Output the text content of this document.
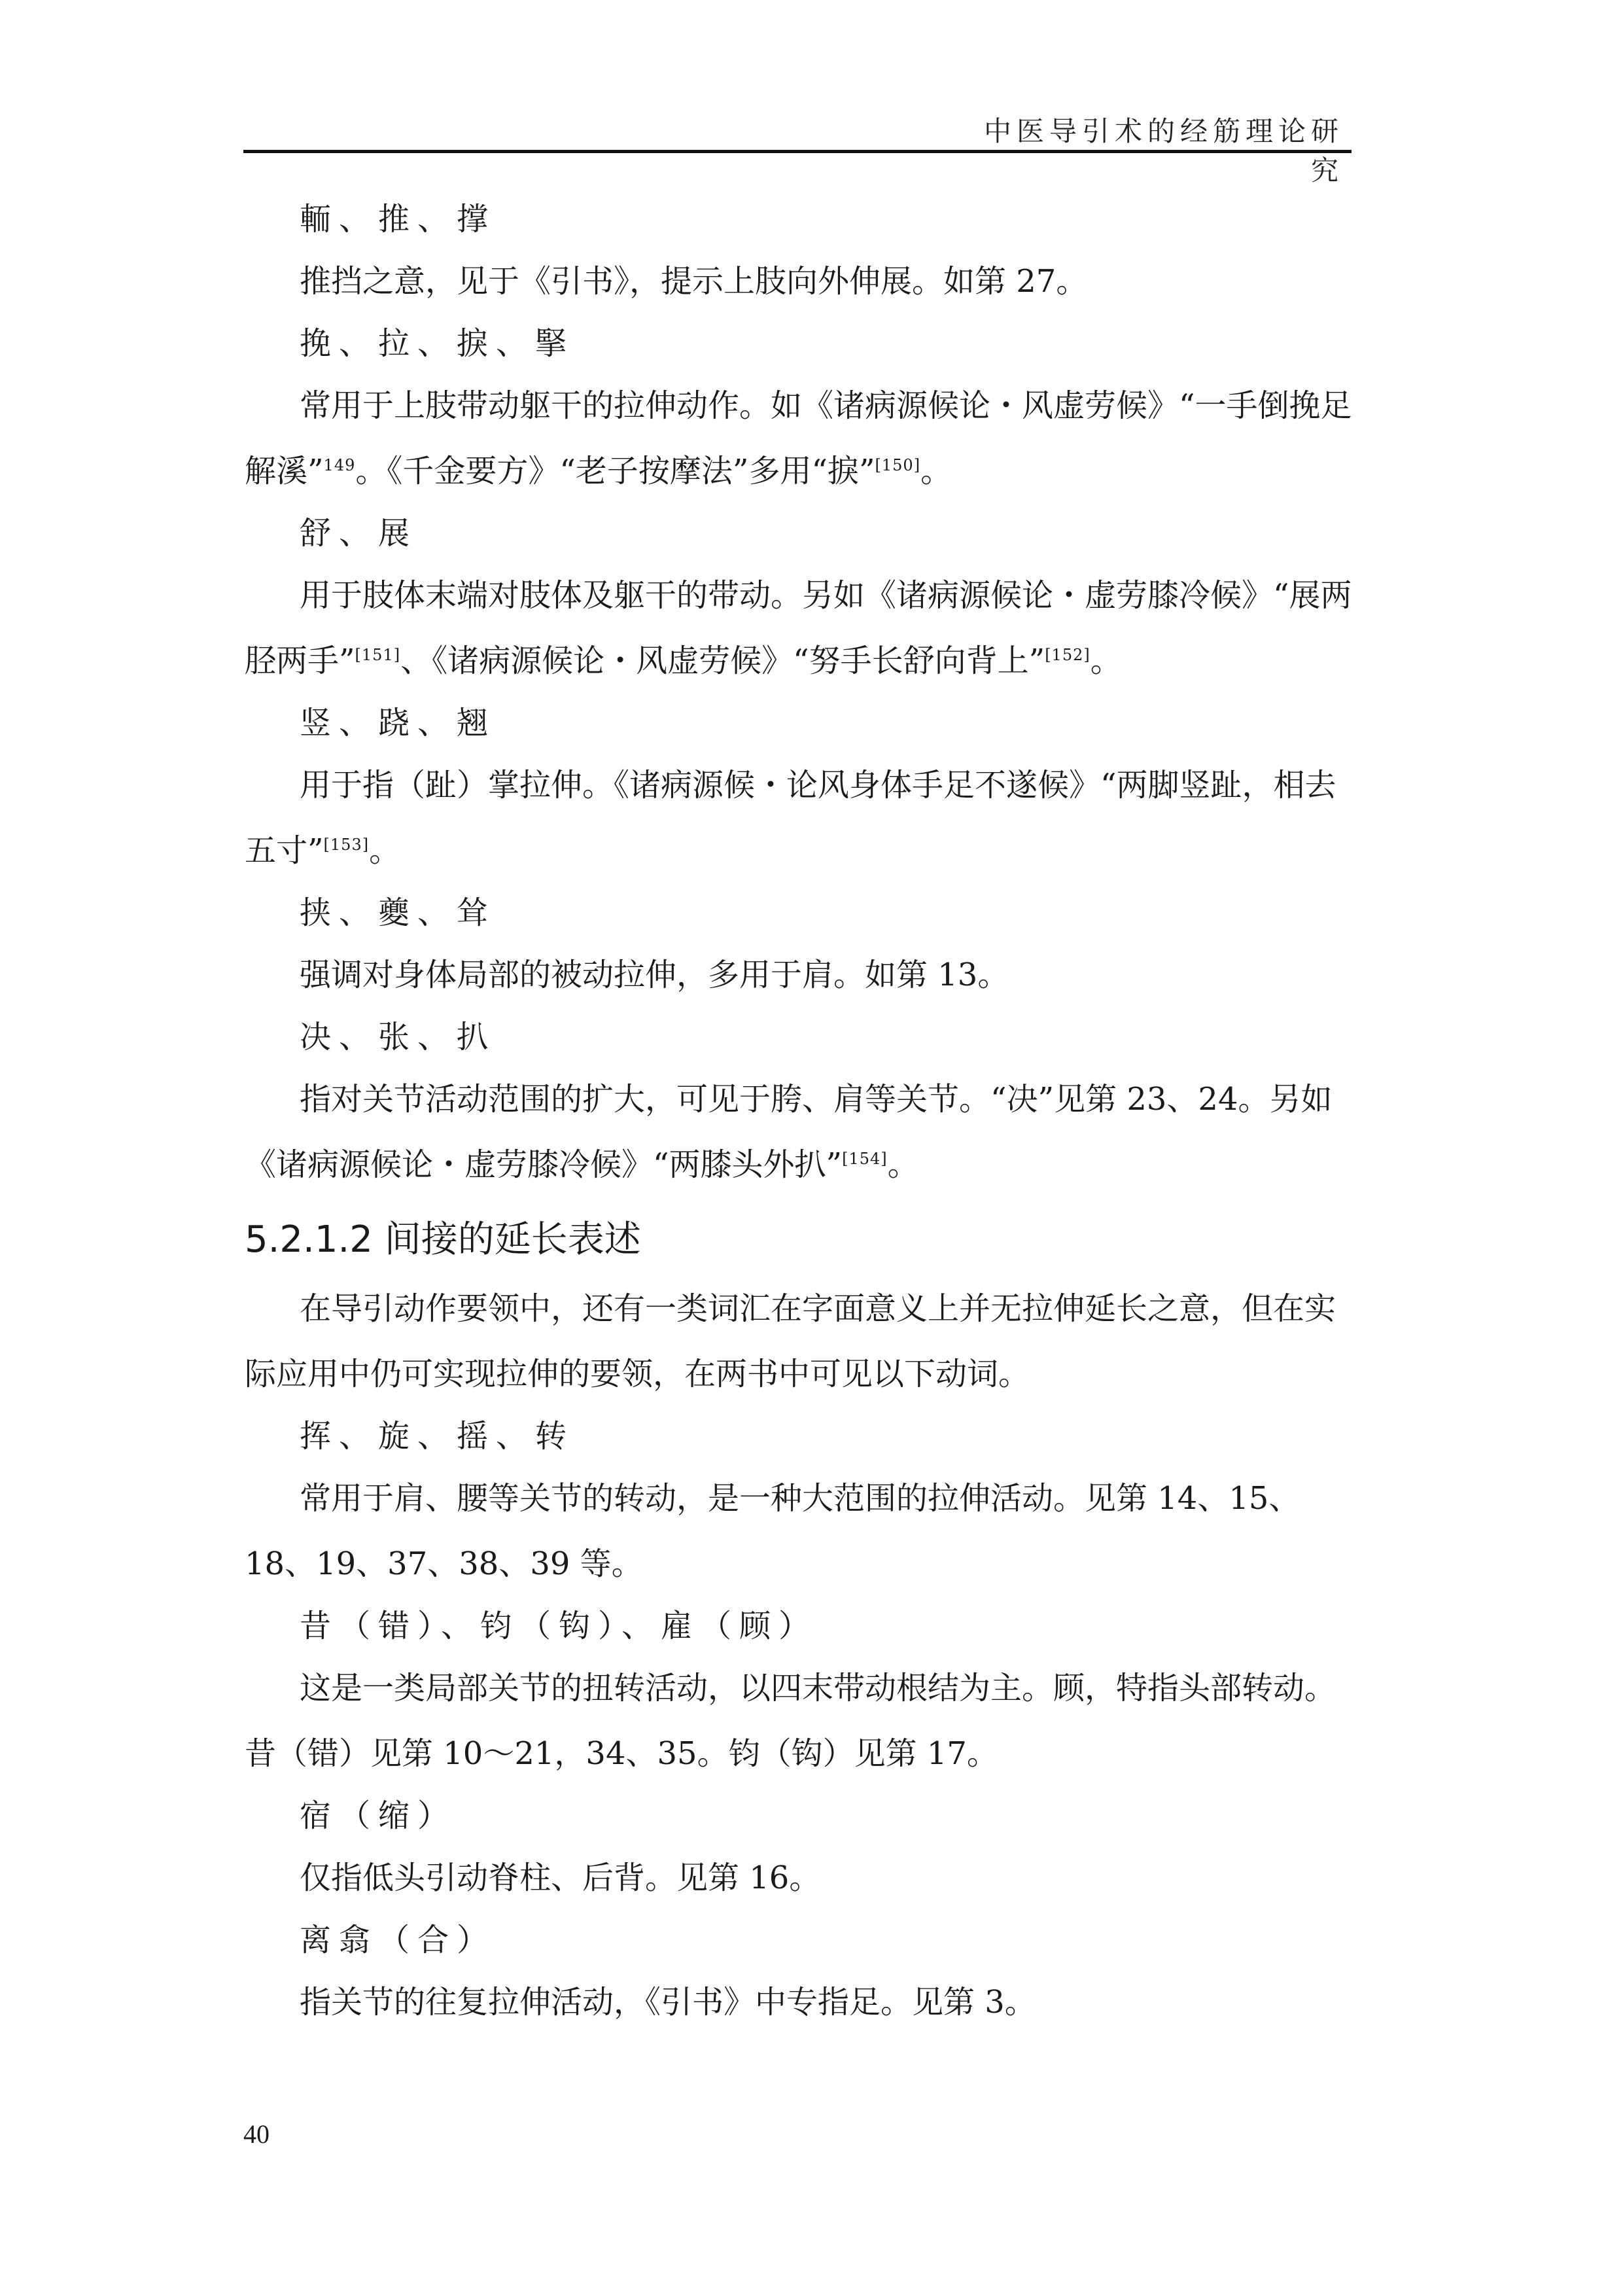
中医导引术的经筋理论研究
輀、推、撑
推挡之意，见于《引书》，提示上肢向外伸展。如第 27。
挽、拉、捩、掔
常用于上肢带动躯干的拉伸动作。如《诸病源候论・风虚劳候》“一手倒挽足解溪”$^{149}$。《千金要方》“老子按摩法”多用“捩”[150]。
舒、展
用于肢体末端对肢体及躯干的带动。另如《诸病源候论・虚劳膝冷候》“展两胫两手”[151]、《诸病源候论・风虚劳候》“努手长舒向背上”[152]。
竖、跷、翘
用于指（趾）掌拉伸。《诸病源候・论风身体手足不遂候》“两脚竖趾，相去五寸”[153]。
挟、夔、耸
强调对身体局部的被动拉伸，多用于肩。如第 13。
决、张、扒
指对关节活动范围的扩大，可见于胯、肩等关节。“决”见第 23、24。另如《诸病源候论・虚劳膝冷候》“两膝头外扒”[154]。
5.2.1.2 间接的延长表述
在导引动作要领中，还有一类词汇在字面意义上并无拉伸延长之意，但在实际应用中仍可实现拉伸的要领，在两书中可见以下动词。
挥、旋、摇、转
常用于肩、腰等关节的转动，是一种大范围的拉伸活动。见第 14、15、18、19、37、38、39 等。
昔（错）、钧（钩）、雇（顾）
这是一类局部关节的扭转活动，以四末带动根结为主。顾，特指头部转动。昔（错）见第 10～21，34、35。钧（钩）见第 17。
宿（缩）
仅指低头引动脊柱、后背。见第 16。
离翕（合）
指关节的往复拉伸活动，《引书》中专指足。见第 3。
40
